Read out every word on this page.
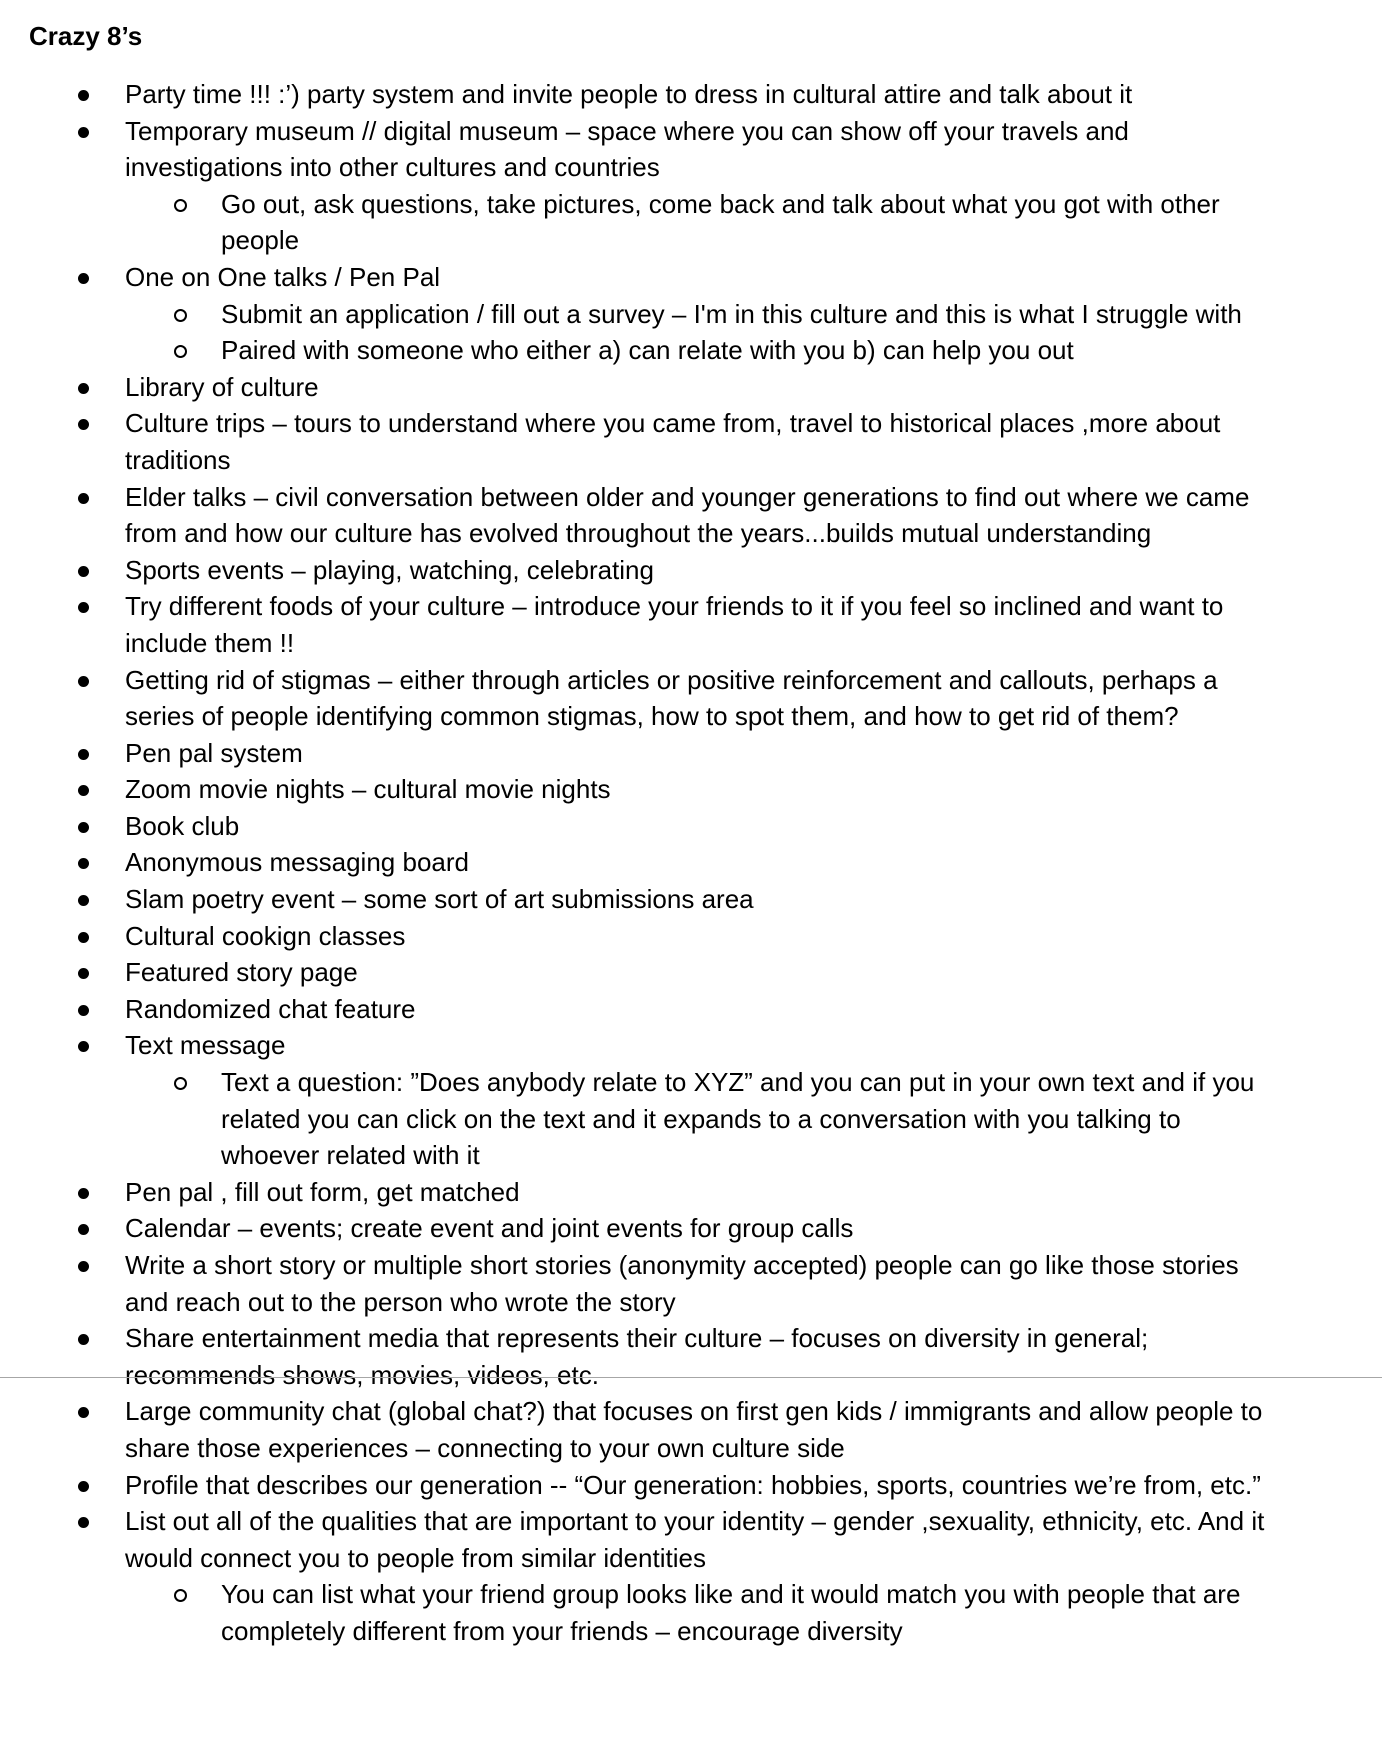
Crazy 8’s
Party time !!! :’) party system and invite people to dress in cultural attire and talk about it
Temporary museum // digital museum – space where you can show off your travels and investigations into other cultures and countries
Go out, ask questions, take pictures, come back and talk about what you got with other people
One on One talks / Pen Pal
Submit an application / fill out a survey – I'm in this culture and this is what I struggle with
Paired with someone who either a) can relate with you b) can help you out
Library of culture
Culture trips – tours to understand where you came from, travel to historical places ,more about traditions
Elder talks – civil conversation between older and younger generations to find out where we came from and how our culture has evolved throughout the years...builds mutual understanding
Sports events – playing, watching, celebrating
Try different foods of your culture – introduce your friends to it if you feel so inclined and want to include them !!
Getting rid of stigmas – either through articles or positive reinforcement and callouts, perhaps a series of people identifying common stigmas, how to spot them, and how to get rid of them?
Pen pal system
Zoom movie nights – cultural movie nights
Book club
Anonymous messaging board
Slam poetry event – some sort of art submissions area
Cultural cookign classes
Featured story page
Randomized chat feature
Text message
Text a question: ”Does anybody relate to XYZ” and you can put in your own text and if you related you can click on the text and it expands to a conversation with you talking to whoever related with it
Pen pal , fill out form, get matched
Calendar – events; create event and joint events for group calls
Write a short story or multiple short stories (anonymity accepted) people can go like those stories and reach out to the person who wrote the story
Share entertainment media that represents their culture – focuses on diversity in general; recommends shows, movies, videos, etc.
Large community chat (global chat?) that focuses on first gen kids / immigrants and allow people to share those experiences – connecting to your own culture side
Profile that describes our generation -- “Our generation: hobbies, sports, countries we’re from, etc.”
List out all of the qualities that are important to your identity – gender ,sexuality, ethnicity, etc. And it would connect you to people from similar identities
You can list what your friend group looks like and it would match you with people that are completely different from your friends – encourage diversity
